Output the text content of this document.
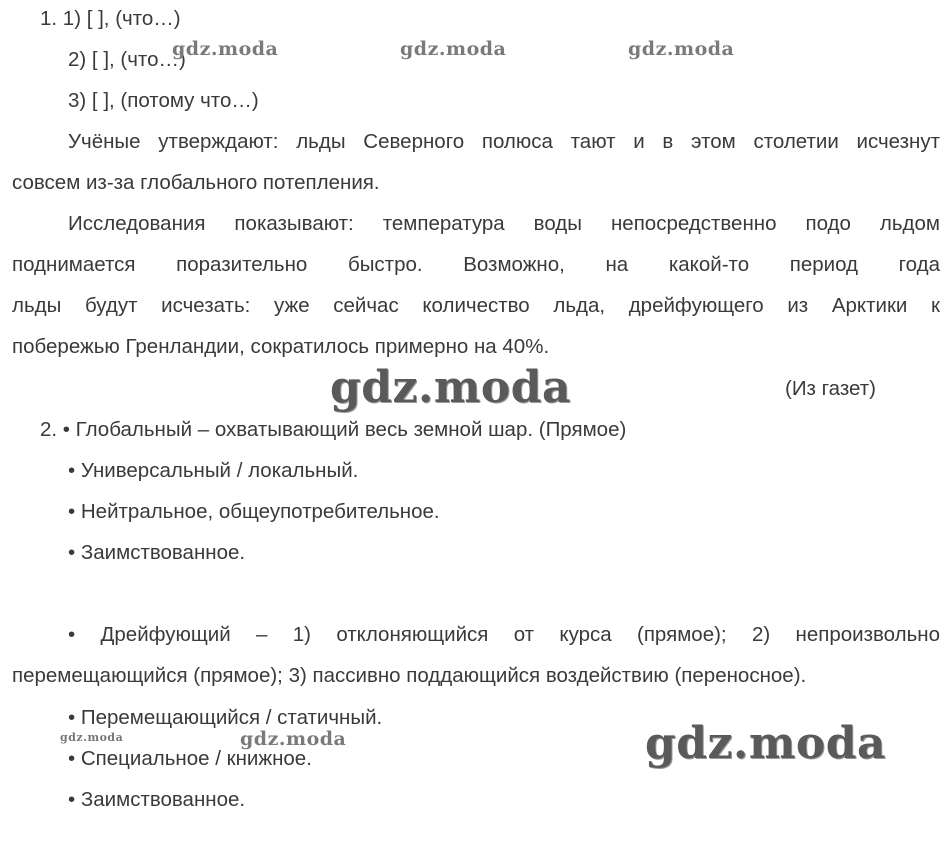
1. 1) [ ], (что…)
2) [ ], (что…)
3) [ ], (потому что…)
Учёные утверждают: льды Северного полюса тают и в этом столетии исчезнут
совсем из-за глобального потепления.
Исследования показывают: температура воды непосредственно подо льдом
поднимается поразительно быстро. Возможно, на какой-то период года
льды будут исчезать: уже сейчас количество льда, дрейфующего из Арктики к
побережью Гренландии, сократилось примерно на 40%.
(Из газет)
2. • Глобальный – охватывающий весь земной шар. (Прямое)
• Универсальный / локальный.
• Нейтральное, общеупотребительное.
• Заимствованное.
• Дрейфующий – 1) отклоняющийся от курса (прямое); 2) непроизвольно
перемещающийся (прямое); 3) пассивно поддающийся воздействию (переносное).
• Перемещающийся / статичный.
• Специальное / книжное.
• Заимствованное.
gdz.moda	gdz.moda	gdz.moda
gdz.moda
gdz.moda	gdz.moda	gdz.moda
